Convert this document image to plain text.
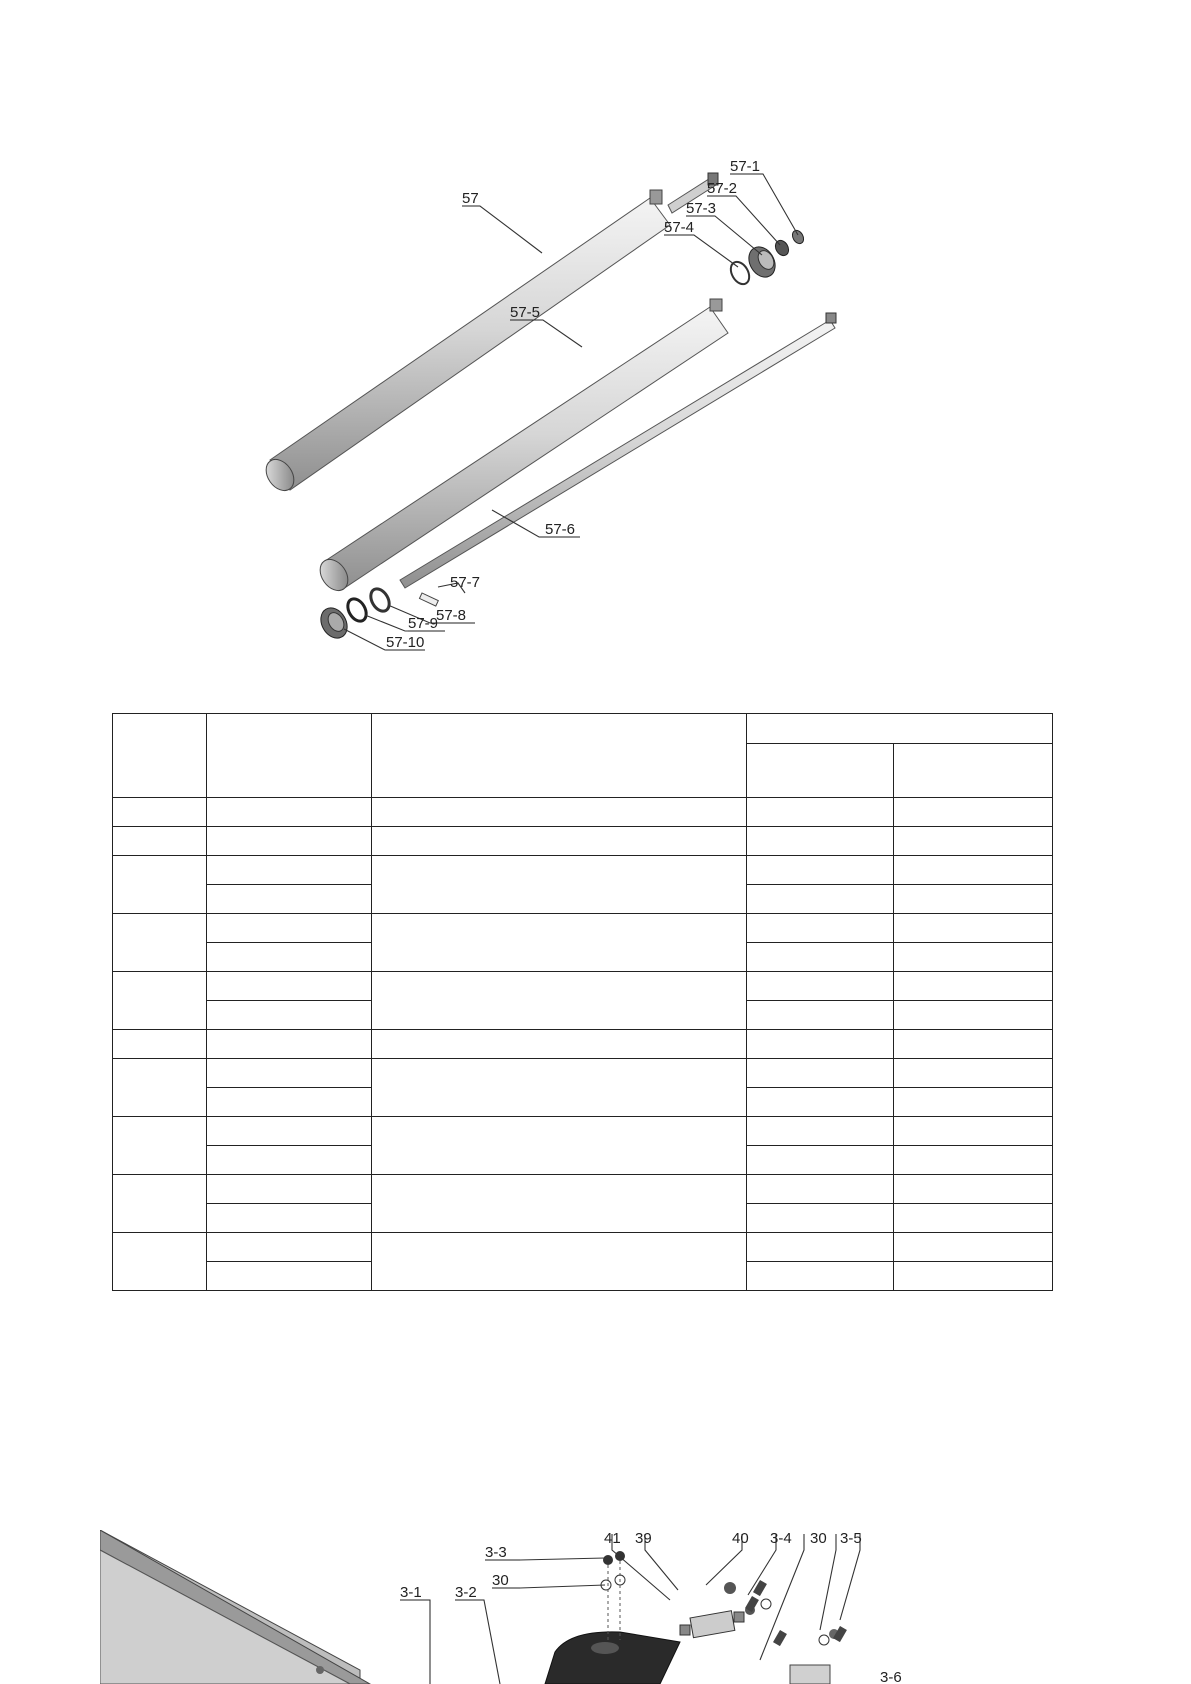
57
57-1
57-2
57-3
57-4
57-5
57-6
57-7
57-8
57-9
57-10

41 39	40 3-4 30 3-5
3-3
30
3-1 3-2
3-6
